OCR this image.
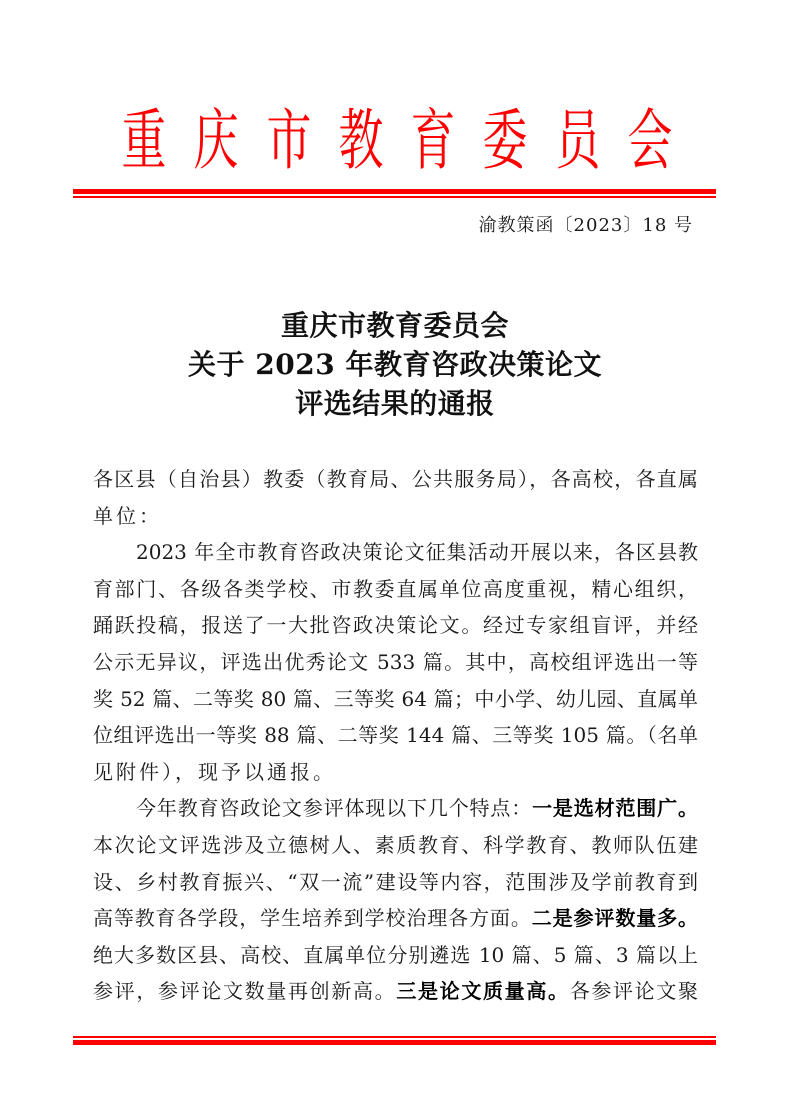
重 庆 市 教 育 委 员 会
渝教策函〔2023〕18 号
重庆市教育委员会
关于 2023 年教育咨政决策论文
评选结果的通报
各区县（自治县）教委（教育局、公共服务局），各高校，各直属
单位：
2023 年全市教育咨政决策论文征集活动开展以来，各区县教
育部门、各级各类学校、市教委直属单位高度重视，精心组织，
踊跃投稿，报送了一大批咨政决策论文。经过专家组盲评，并经
公示无异议，评选出优秀论文 533 篇。其中，高校组评选出一等
奖 52 篇、二等奖 80 篇、三等奖 64 篇；中小学、幼儿园、直属单
位组评选出一等奖 88 篇、二等奖 144 篇、三等奖 105 篇。（名单
见附件），现予以通报。
今年教育咨政论文参评体现以下几个特点：一是选材范围广。
本次论文评选涉及立德树人、素质教育、科学教育、教师队伍建
设、乡村教育振兴、“双一流”建设等内容，范围涉及学前教育到
高等教育各学段，学生培养到学校治理各方面。二是参评数量多。
绝大多数区县、高校、直属单位分别遴选 10 篇、5 篇、3 篇以上
参评，参评论文数量再创新高。三是论文质量高。各参评论文聚
